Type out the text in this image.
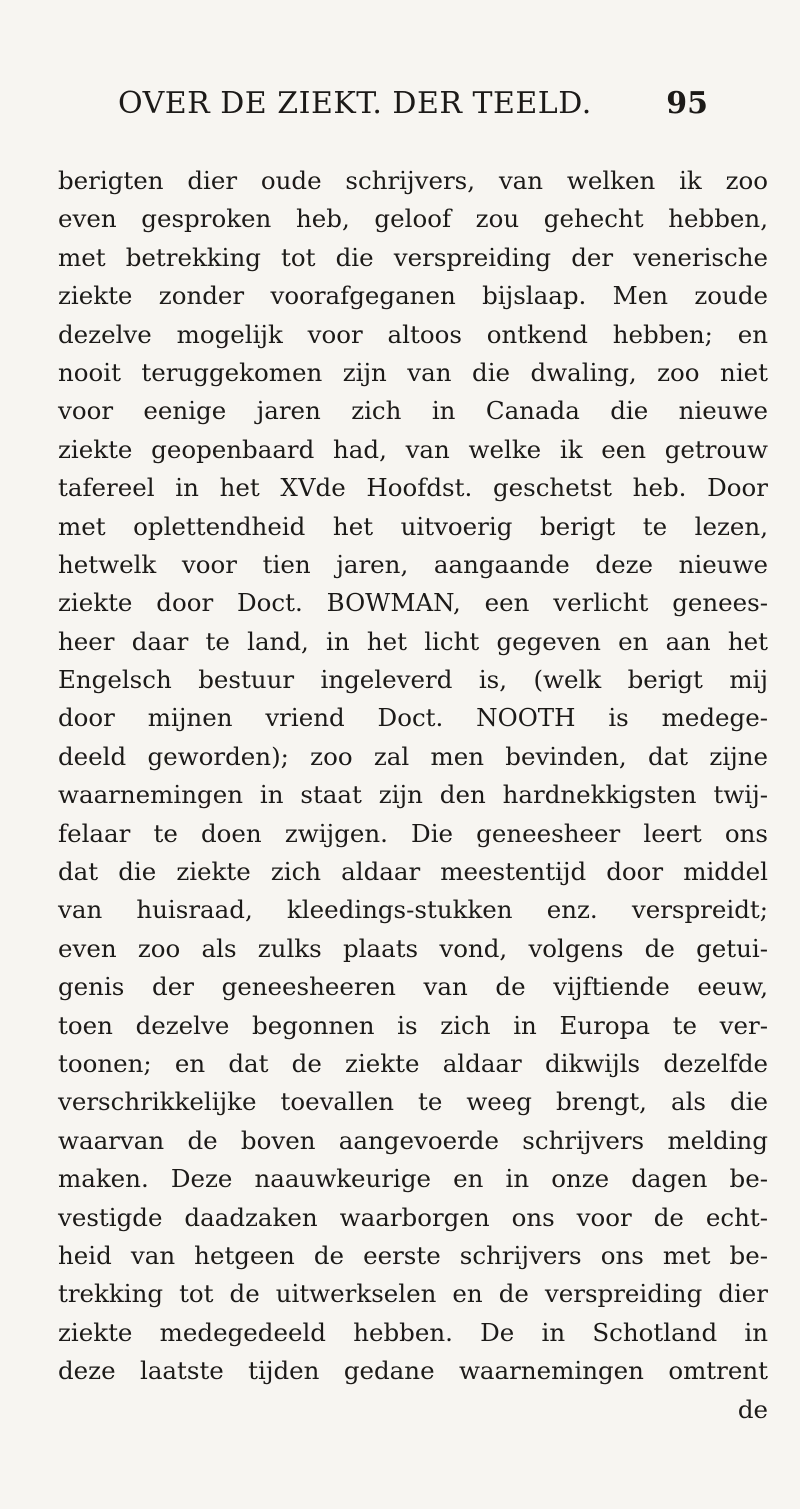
OVER DE ZIEKT. DER TEELD. 95
berigten dier oude schrijvers, van welken ik zoo
even gesproken heb, geloof zou gehecht hebben,
met betrekking tot die verspreiding der venerische
ziekte zonder voorafgeganen bijslaap. Men zoude
dezelve mogelijk voor altoos ontkend hebben; en
nooit teruggekomen zijn van die dwaling, zoo niet
voor eenige jaren zich in Canada die nieuwe
ziekte geopenbaard had, van welke ik een getrouw
tafereel in het XVde Hoofdst. geschetst heb. Door
met oplettendheid het uitvoerig berigt te lezen,
hetwelk voor tien jaren, aangaande deze nieuwe
ziekte door Doct. BOWMAN, een verlicht genees-
heer daar te land, in het licht gegeven en aan het
Engelsch bestuur ingeleverd is, (welk berigt mij
door mijnen vriend Doct. NOOTH is medege-
deeld geworden); zoo zal men bevinden, dat zijne
waarnemingen in staat zijn den hardnekkigsten twij-
felaar te doen zwijgen. Die geneesheer leert ons
dat die ziekte zich aldaar meestentijd door middel
van huisraad, kleedings-stukken enz. verspreidt;
even zoo als zulks plaats vond, volgens de getui-
genis der geneesheeren van de vijftiende eeuw,
toen dezelve begonnen is zich in Europa te ver-
toonen; en dat de ziekte aldaar dikwijls dezelfde
verschrikkelijke toevallen te weeg brengt, als die
waarvan de boven aangevoerde schrijvers melding
maken. Deze naauwkeurige en in onze dagen be-
vestigde daadzaken waarborgen ons voor de echt-
heid van hetgeen de eerste schrijvers ons met be-
trekking tot de uitwerkselen en de verspreiding dier
ziekte medegedeeld hebben. De in Schotland in
deze laatste tijden gedane waarnemingen omtrent
de
